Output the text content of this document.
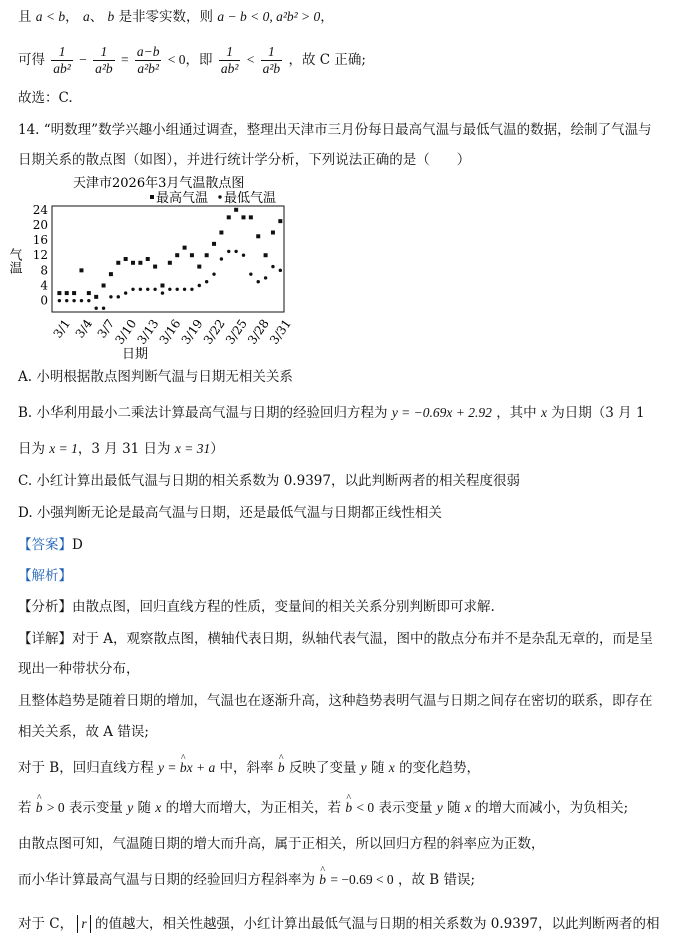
且 a < b， a、 b 是非零实数，则 a − b < 0, a²b² > 0，
可得 $\frac{1}{\text{ab²}} - \frac{1}{\text{a²b}} = \frac{a-b}{\text{a²b²}} < 0$，即 $\frac{1}{\text{ab²}} < \frac{1}{\text{a²b}}$ ，故 C 正确;
故选：C.
14. “明数理”数学兴趣小组通过调查，整理出天津市三月份每日最高气温与最低气温的数据，绘制了气温与
日期关系的散点图（如图），并进行统计学分析，下列说法正确的是（　　）
天津市2026年3月气温散点图
最高气温 最低气温
24
20
16
12
8
4
0
气温
3/1 3/4 3/7
3/10
3/13
3/16
3/19
3/22
3/25
3/28
3/31
日期
A. 小明根据散点图判断气温与日期无相关关系
B. 小华利用最小二乘法计算最高气温与日期的经验回归方程为 y = −0.69x + 2.92 ，其中 x 为日期（3 月 1
日为 x = 1，3 月 31 日为 x = 31）
C. 小红计算出最低气温与日期的相关系数为 0.9397，以此判断两者的相关程度很弱
D. 小强判断无论是最高气温与日期，还是最低气温与日期都正线性相关
【答案】D
【解析】
【分析】由散点图，回归直线方程的性质，变量间的相关关系分别判断即可求解.
【详解】对于 A，观察散点图，横轴代表日期，纵轴代表气温，图中的散点分布并不是杂乱无章的，而是呈
现出一种带状分布，
且整体趋势是随着日期的增加，气温也在逐渐升高，这种趋势表明气温与日期之间存在密切的联系，即存在
相关关系，故 A 错误;
对于 B，回归直线方程 y = ^ bx + a 中，斜率 ^ b 反映了变量 y 随 x 的变化趋势，
若 ^ b > 0 表示变量 y 随 x 的增大而增大，为正相关，若 ^ b < 0 表示变量 y 随 x 的增大而减小，为负相关;
由散点图可知，气温随日期的增大而升高，属于正相关，所以回归方程的斜率应为正数，
而小华计算最高气温与日期的经验回归方程斜率为 ^ b = −0.69 < 0 ，故 B 错误;
对于 C， r 的值越大，相关性越强，小红计算出最低气温与日期的相关系数为 0.9397，以此判断两者的相
